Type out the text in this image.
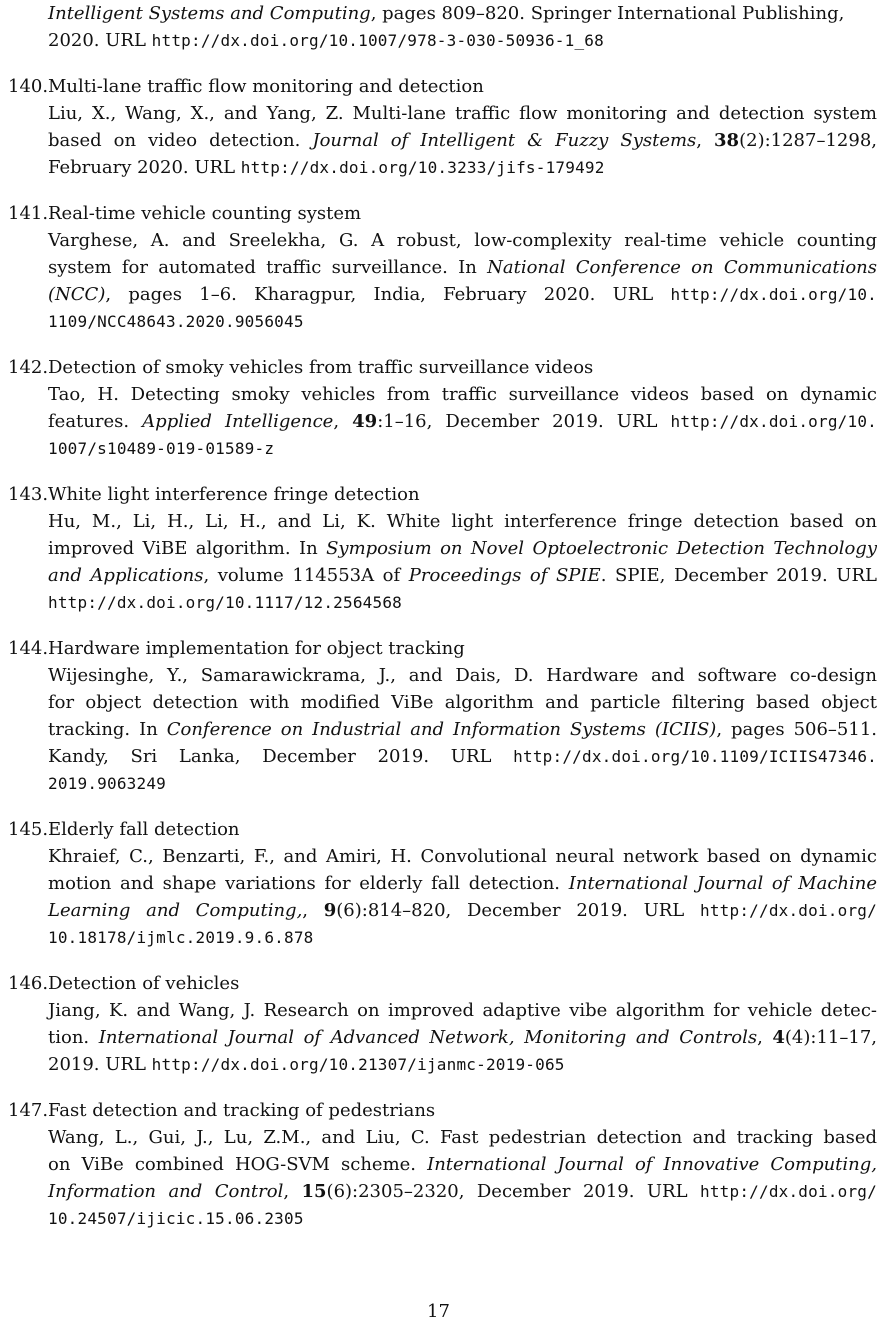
Intelligent Systems and Computing, pages 809–820. Springer International Publishing,
2020. URL http://dx.doi.org/10.1007/978-3-030-50936-1_68
140. Multi-lane traffic flow monitoring and detection
Liu, X., Wang, X., and Yang, Z. Multi-lane traffic flow monitoring and detection system
based on video detection. Journal of Intelligent & Fuzzy Systems, 38(2):1287–1298,
February 2020. URL http://dx.doi.org/10.3233/jifs-179492
141. Real-time vehicle counting system
Varghese, A. and Sreelekha, G. A robust, low-complexity real-time vehicle counting
system for automated traffic surveillance. In National Conference on Communications
(NCC), pages 1–6. Kharagpur, India, February 2020. URL http://dx.doi.org/10.
1109/NCC48643.2020.9056045
142. Detection of smoky vehicles from traffic surveillance videos
Tao, H. Detecting smoky vehicles from traffic surveillance videos based on dynamic
features. Applied Intelligence, 49:1–16, December 2019. URL http://dx.doi.org/10.
1007/s10489-019-01589-z
143. White light interference fringe detection
Hu, M., Li, H., Li, H., and Li, K. White light interference fringe detection based on
improved ViBE algorithm. In Symposium on Novel Optoelectronic Detection Technology
and Applications, volume 114553A of Proceedings of SPIE. SPIE, December 2019. URL
http://dx.doi.org/10.1117/12.2564568
144. Hardware implementation for object tracking
Wijesinghe, Y., Samarawickrama, J., and Dais, D. Hardware and software co-design
for object detection with modified ViBe algorithm and particle filtering based object
tracking. In Conference on Industrial and Information Systems (ICIIS), pages 506–511.
Kandy, Sri Lanka, December 2019. URL http://dx.doi.org/10.1109/ICIIS47346.
2019.9063249
145. Elderly fall detection
Khraief, C., Benzarti, F., and Amiri, H. Convolutional neural network based on dynamic
motion and shape variations for elderly fall detection. International Journal of Machine
Learning and Computing,, 9(6):814–820, December 2019. URL http://dx.doi.org/
10.18178/ijmlc.2019.9.6.878
146. Detection of vehicles
Jiang, K. and Wang, J. Research on improved adaptive vibe algorithm for vehicle detec-
tion. International Journal of Advanced Network, Monitoring and Controls, 4(4):11–17,
2019. URL http://dx.doi.org/10.21307/ijanmc-2019-065
147. Fast detection and tracking of pedestrians
Wang, L., Gui, J., Lu, Z.M., and Liu, C. Fast pedestrian detection and tracking based
on ViBe combined HOG-SVM scheme. International Journal of Innovative Computing,
Information and Control, 15(6):2305–2320, December 2019. URL http://dx.doi.org/
10.24507/ijicic.15.06.2305
17
